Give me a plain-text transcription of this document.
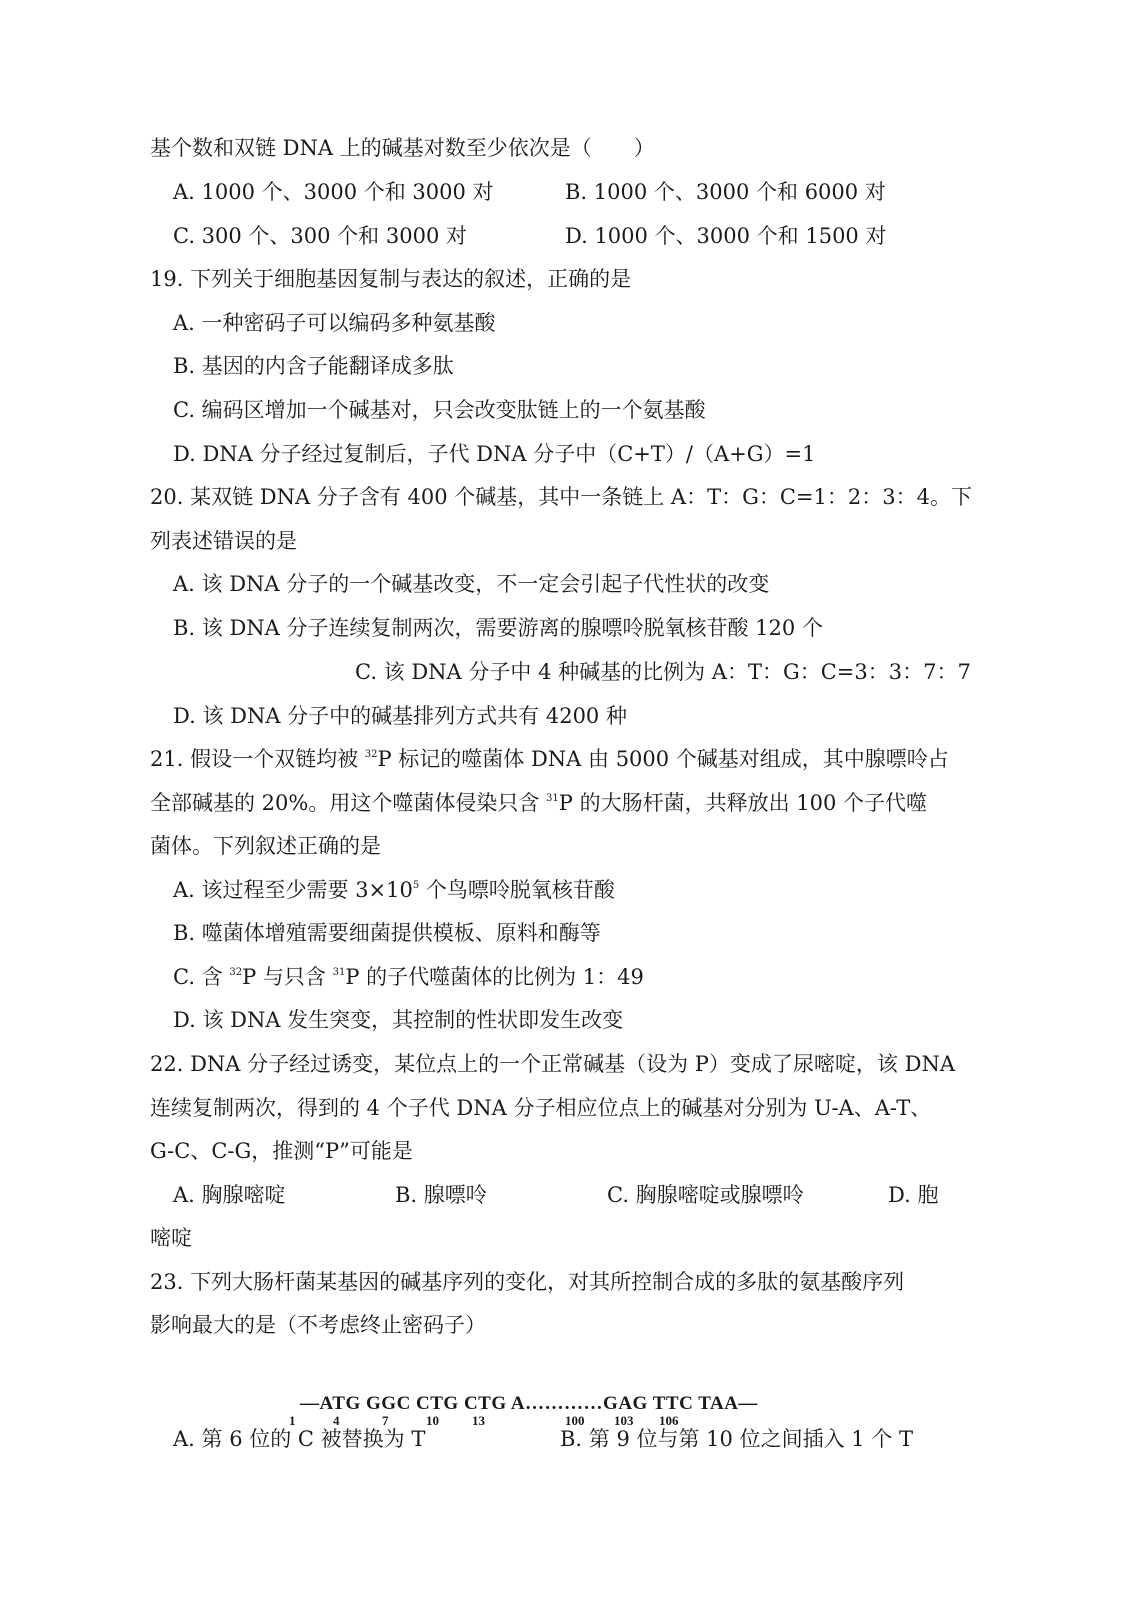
基个数和双链 DNA 上的碱基对数至少依次是（　　）
A. 1000 个、3000 个和 3000 对	B. 1000 个、3000 个和 6000 对
C. 300 个、300 个和 3000 对	D. 1000 个、3000 个和 1500 对
19. 下列关于细胞基因复制与表达的叙述，正确的是
A. 一种密码子可以编码多种氨基酸
B. 基因的内含子能翻译成多肽
C. 编码区增加一个碱基对，只会改变肽链上的一个氨基酸
D. DNA 分子经过复制后，子代 DNA 分子中（C+T）/（A+G）=1
20. 某双链 DNA 分子含有 400 个碱基，其中一条链上 A：T：G：C=1：2：3：4。下
列表述错误的是
A. 该 DNA 分子的一个碱基改变，不一定会引起子代性状的改变
B. 该 DNA 分子连续复制两次，需要游离的腺嘌呤脱氧核苷酸 120 个
C. 该 DNA 分子中 4 种碱基的比例为 A：T：G：C=3：3：7：7
D. 该 DNA 分子中的碱基排列方式共有 4200 种
21. 假设一个双链均被 $^{32}$P 标记的噬菌体 DNA 由 5000 个碱基对组成，其中腺嘌呤占
全部碱基的 20%。用这个噬菌体侵染只含 $^{31}$P 的大肠杆菌，共释放出 100 个子代噬
菌体。下列叙述正确的是
A. 该过程至少需要 $3\times 10^5$ 个鸟嘌呤脱氧核苷酸
B. 噬菌体增殖需要细菌提供模板、原料和酶等
C. 含 $^{32}$P 与只含 $^{31}$P 的子代噬菌体的比例为 1：49
D. 该 DNA 发生突变，其控制的性状即发生改变
22. DNA 分子经过诱变，某位点上的一个正常碱基（设为 P）变成了尿嘧啶，该 DNA
连续复制两次，得到的 4 个子代 DNA 分子相应位点上的碱基对分别为 U-A、A-T、
G-C、C-G，推测“P”可能是
A. 胸腺嘧啶	B. 腺嘌呤	C. 胸腺嘧啶或腺嘌呤	D. 胞
嘧啶
23. 下列大肠杆菌某基因的碱基序列的变化，对其所控制合成的多肽的氨基酸序列
影响最大的是（不考虑终止密码子）
—ATG GGC CTG CTG A…………GAG TTC TAA—
1	4	7	10	13	100 103 106
A. 第 6 位的 C 被替换为 T	B. 第 9 位与第 10 位之间插入 1 个 T
